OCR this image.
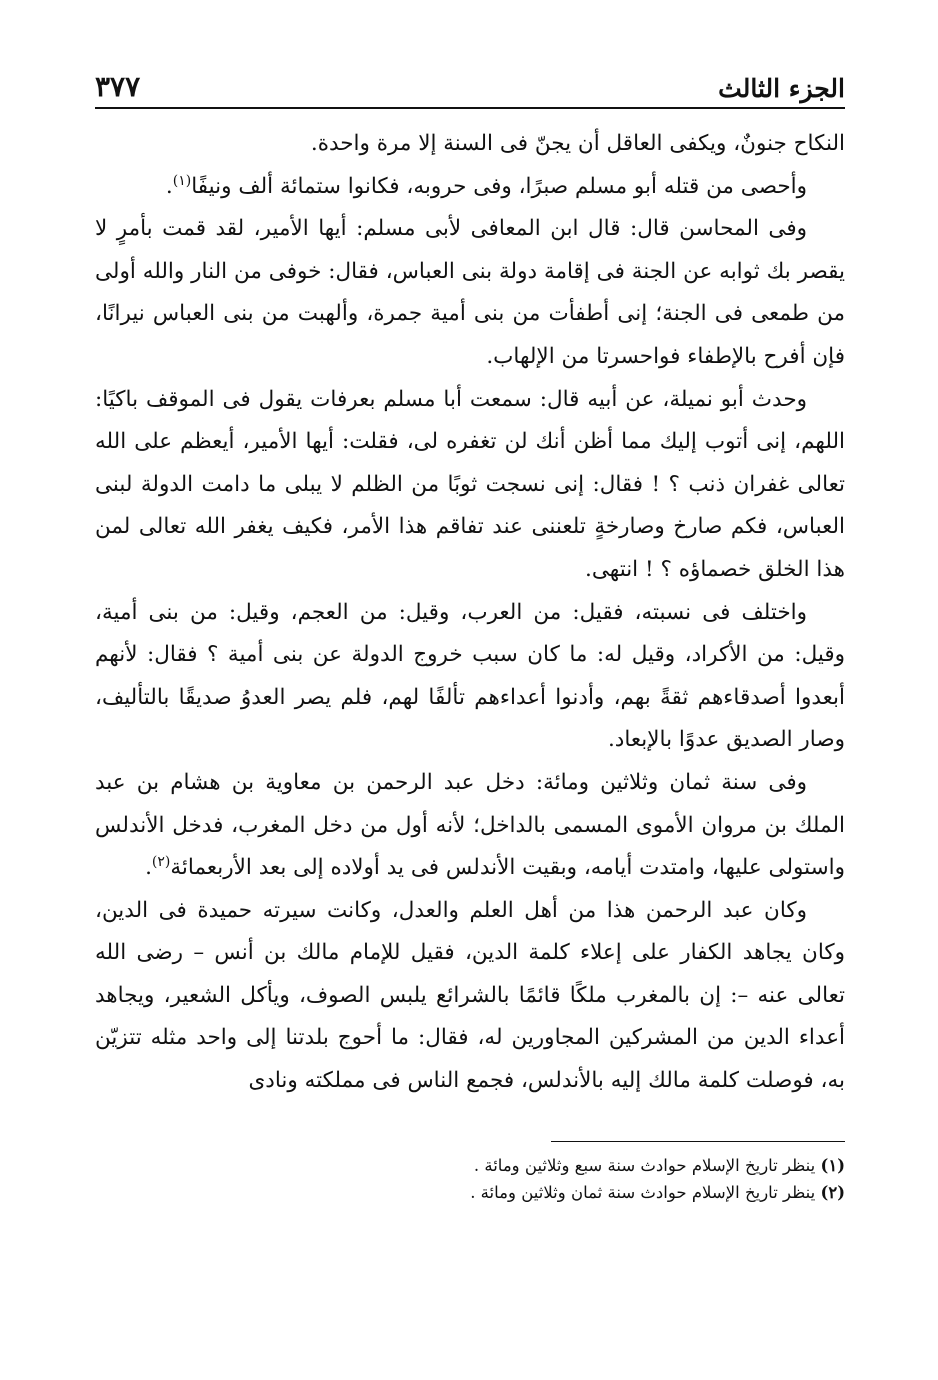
الجزء الثالث
٣٧٧

النكاح جنونٌ، ويكفى العاقل أن يجنّ فى السنة إلا مرة واحدة.

وأحصى من قتله أبو مسلم صبرًا، وفى حروبه، فكانوا ستمائة ألف ونيفًا$^{(١)}$.

وفى المحاسن قال: قال ابن المعافى لأبى مسلم: أيها الأمير، لقد قمت بأمرٍ لا يقصر بك ثوابه عن الجنة فى إقامة دولة بنى العباس، فقال: خوفى من النار والله أولى من طمعى فى الجنة؛ إنى أطفأت من بنى أمية جمرة، وألهبت من بنى العباس نيرانًا، فإن أفرح بالإطفاء فواحسرتا من الإلهاب.

وحدث أبو نميلة، عن أبيه قال: سمعت أبا مسلم بعرفات يقول فى الموقف باكيًا: اللهم، إنى أتوب إليك مما أظن أنك لن تغفره لى، فقلت: أيها الأمير، أيعظم على الله تعالى غفران ذنب ؟ ! فقال: إنى نسجت ثوبًا من الظلم لا يبلى ما دامت الدولة لبنى العباس، فكم صارخ وصارخةٍ تلعننى عند تفاقم هذا الأمر، فكيف يغفر الله تعالى لمن هذا الخلق خصماؤه ؟ ! انتهى.

واختلف فى نسبته، فقيل: من العرب، وقيل: من العجم، وقيل: من بنى أمية، وقيل: من الأكراد، وقيل له: ما كان سبب خروج الدولة عن بنى أمية ؟ فقال: لأنهم أبعدوا أصدقاءهم ثقةً بهم، وأدنوا أعداءهم تألفًا لهم، فلم يصر العدوُ صديقًا بالتأليف، وصار الصديق عدوًا بالإبعاد.

وفى سنة ثمان وثلاثين ومائة: دخل عبد الرحمن بن معاوية بن هشام بن عبد الملك بن مروان الأموى المسمى بالداخل؛ لأنه أول من دخل المغرب، فدخل الأندلس واستولى عليها، وامتدت أيامه، وبقيت الأندلس فى يد أولاده إلى بعد الأربعمائة$^{(٢)}$.

وكان عبد الرحمن هذا من أهل العلم والعدل، وكانت سيرته حميدة فى الدين، وكان يجاهد الكفار على إعلاء كلمة الدين، فقيل للإمام مالك بن أنس – رضى الله تعالى عنه –: إن بالمغرب ملكًا قائمًا بالشرائع يلبس الصوف، ويأكل الشعير، ويجاهد أعداء الدين من المشركين المجاورين له، فقال: ما أحوج بلدتنا إلى واحد مثله تتزيّن به، فوصلت كلمة مالك إليه بالأندلس، فجمع الناس فى مملكته ونادى

(١) ينظر تاريخ الإسلام حوادث سنة سبع وثلاثين ومائة .

(٢) ينظر تاريخ الإسلام حوادث سنة ثمان وثلاثين ومائة .
